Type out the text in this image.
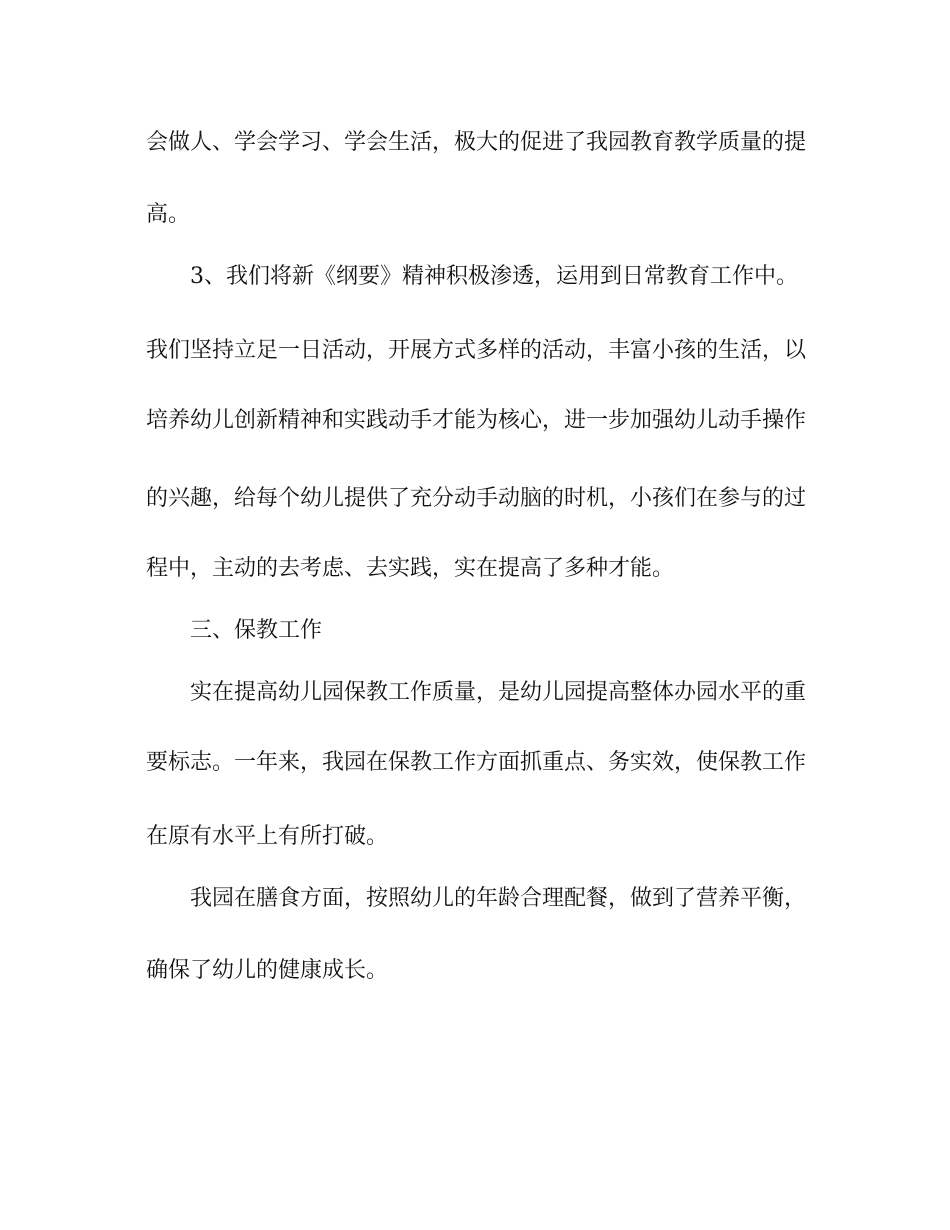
会做人、学会学习、学会生活，极大的促进了我园教育教学质量的提

高。

3、我们将新《纲要》精神积极渗透，运用到日常教育工作中。

我们坚持立足一日活动，开展方式多样的活动，丰富小孩的生活，以

培养幼儿创新精神和实践动手才能为核心，进一步加强幼儿动手操作

的兴趣，给每个幼儿提供了充分动手动脑的时机，小孩们在参与的过

程中，主动的去考虑、去实践，实在提高了多种才能。

三、保教工作

实在提高幼儿园保教工作质量，是幼儿园提高整体办园水平的重

要标志。一年来，我园在保教工作方面抓重点、务实效，使保教工作

在原有水平上有所打破。

我园在膳食方面，按照幼儿的年龄合理配餐，做到了营养平衡，

确保了幼儿的健康成长。
